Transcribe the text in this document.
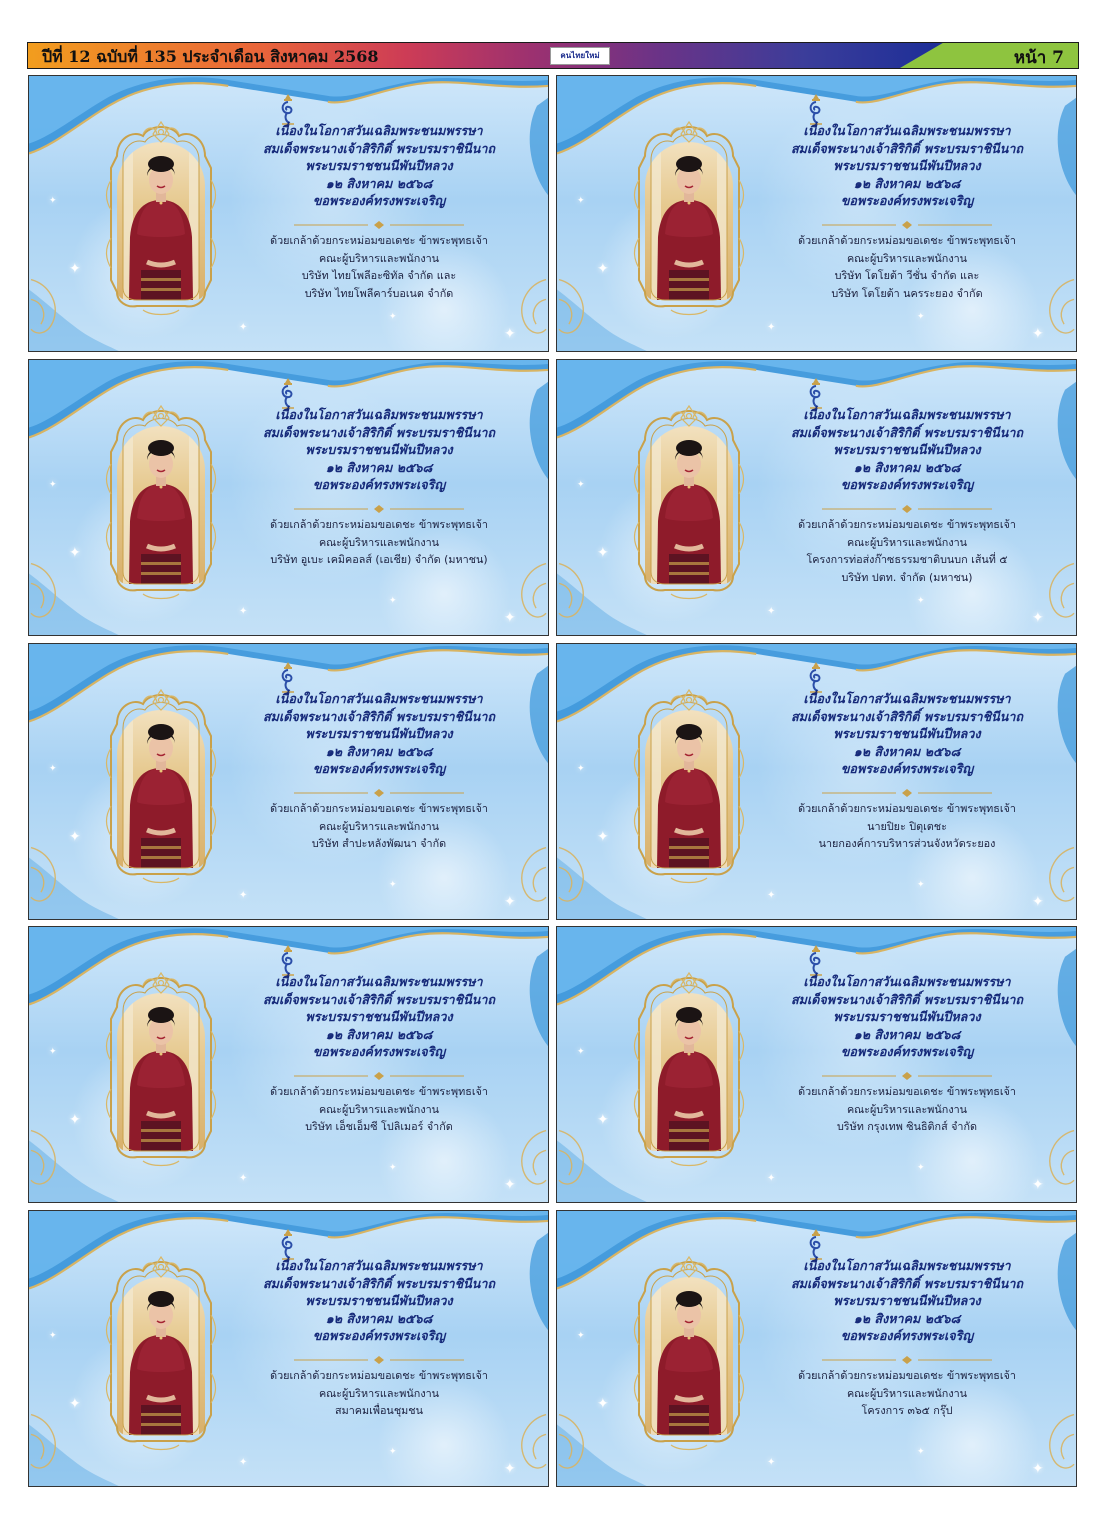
ปีที่ 12 ฉบับที่ 135 ประจำเดือน สิงหาคม 2568	คนไทยใหม่	หน้า 7
✦
✦
✦
✦
✦
เนื่องในโอกาสวันเฉลิมพระชนมพรรษา
สมเด็จพระนางเจ้าสิริกิติ์ พระบรมราชินีนาถ
พระบรมราชชนนีพันปีหลวง
๑๒ สิงหาคม ๒๕๖๘
ขอพระองค์ทรงพระเจริญ
ด้วยเกล้าด้วยกระหม่อมขอเดชะ ข้าพระพุทธเจ้า
คณะผู้บริหารและพนักงาน
บริษัท ไทยโพลีอะซิทัล จำกัด และ
บริษัท ไทยโพลีคาร์บอเนต จำกัด
✦
✦
✦
✦
✦
เนื่องในโอกาสวันเฉลิมพระชนมพรรษา
สมเด็จพระนางเจ้าสิริกิติ์ พระบรมราชินีนาถ
พระบรมราชชนนีพันปีหลวง
๑๒ สิงหาคม ๒๕๖๘
ขอพระองค์ทรงพระเจริญ
ด้วยเกล้าด้วยกระหม่อมขอเดชะ ข้าพระพุทธเจ้า
คณะผู้บริหารและพนักงาน
บริษัท โตโยต้า วีชั่น จำกัด และ
บริษัท โตโยต้า นครระยอง จำกัด
✦
✦
✦
✦
✦
เนื่องในโอกาสวันเฉลิมพระชนมพรรษา
สมเด็จพระนางเจ้าสิริกิติ์ พระบรมราชินีนาถ
พระบรมราชชนนีพันปีหลวง
๑๒ สิงหาคม ๒๕๖๘
ขอพระองค์ทรงพระเจริญ
ด้วยเกล้าด้วยกระหม่อมขอเดชะ ข้าพระพุทธเจ้า
คณะผู้บริหารและพนักงาน
บริษัท อูเบะ เคมิคอลส์ (เอเชีย) จำกัด (มหาชน)	✦
✦
✦
✦
✦
เนื่องในโอกาสวันเฉลิมพระชนมพรรษา
สมเด็จพระนางเจ้าสิริกิติ์ พระบรมราชินีนาถ
พระบรมราชชนนีพันปีหลวง
๑๒ สิงหาคม ๒๕๖๘
ขอพระองค์ทรงพระเจริญ
ด้วยเกล้าด้วยกระหม่อมขอเดชะ ข้าพระพุทธเจ้า
คณะผู้บริหารและพนักงาน
โครงการท่อส่งก๊าซธรรมชาติบนบก เส้นที่ ๕
บริษัท ปตท. จำกัด (มหาชน)
✦
✦
✦
✦
✦
เนื่องในโอกาสวันเฉลิมพระชนมพรรษา
สมเด็จพระนางเจ้าสิริกิติ์ พระบรมราชินีนาถ
พระบรมราชชนนีพันปีหลวง
๑๒ สิงหาคม ๒๕๖๘
ขอพระองค์ทรงพระเจริญ
ด้วยเกล้าด้วยกระหม่อมขอเดชะ ข้าพระพุทธเจ้า
คณะผู้บริหารและพนักงาน
บริษัท สำปะหลังพัฒนา จำกัด	✦
✦
✦
✦
✦
เนื่องในโอกาสวันเฉลิมพระชนมพรรษา
สมเด็จพระนางเจ้าสิริกิติ์ พระบรมราชินีนาถ
พระบรมราชชนนีพันปีหลวง
๑๒ สิงหาคม ๒๕๖๘
ขอพระองค์ทรงพระเจริญ
ด้วยเกล้าด้วยกระหม่อมขอเดชะ ข้าพระพุทธเจ้า
นายปิยะ ปิตุเตชะ
นายกองค์การบริหารส่วนจังหวัดระยอง
✦
✦
✦
✦
✦
เนื่องในโอกาสวันเฉลิมพระชนมพรรษา
สมเด็จพระนางเจ้าสิริกิติ์ พระบรมราชินีนาถ
พระบรมราชชนนีพันปีหลวง
๑๒ สิงหาคม ๒๕๖๘
ขอพระองค์ทรงพระเจริญ
ด้วยเกล้าด้วยกระหม่อมขอเดชะ ข้าพระพุทธเจ้า
คณะผู้บริหารและพนักงาน
บริษัท เอ็ชเอ็มซี โปลิเมอร์ จำกัด	✦
✦
✦
✦
✦
เนื่องในโอกาสวันเฉลิมพระชนมพรรษา
สมเด็จพระนางเจ้าสิริกิติ์ พระบรมราชินีนาถ
พระบรมราชชนนีพันปีหลวง
๑๒ สิงหาคม ๒๕๖๘
ขอพระองค์ทรงพระเจริญ
ด้วยเกล้าด้วยกระหม่อมขอเดชะ ข้าพระพุทธเจ้า
คณะผู้บริหารและพนักงาน
บริษัท กรุงเทพ ซินธิติกส์ จำกัด
✦
✦
✦
✦
✦
เนื่องในโอกาสวันเฉลิมพระชนมพรรษา
สมเด็จพระนางเจ้าสิริกิติ์ พระบรมราชินีนาถ
พระบรมราชชนนีพันปีหลวง
๑๒ สิงหาคม ๒๕๖๘
ขอพระองค์ทรงพระเจริญ
ด้วยเกล้าด้วยกระหม่อมขอเดชะ ข้าพระพุทธเจ้า
คณะผู้บริหารและพนักงาน
สมาคมเพื่อนชุมชน	✦
✦
✦
✦
✦
เนื่องในโอกาสวันเฉลิมพระชนมพรรษา
สมเด็จพระนางเจ้าสิริกิติ์ พระบรมราชินีนาถ
พระบรมราชชนนีพันปีหลวง
๑๒ สิงหาคม ๒๕๖๘
ขอพระองค์ทรงพระเจริญ
ด้วยเกล้าด้วยกระหม่อมขอเดชะ ข้าพระพุทธเจ้า
คณะผู้บริหารและพนักงาน
โครงการ ๓๖๕ กรุ๊ป
